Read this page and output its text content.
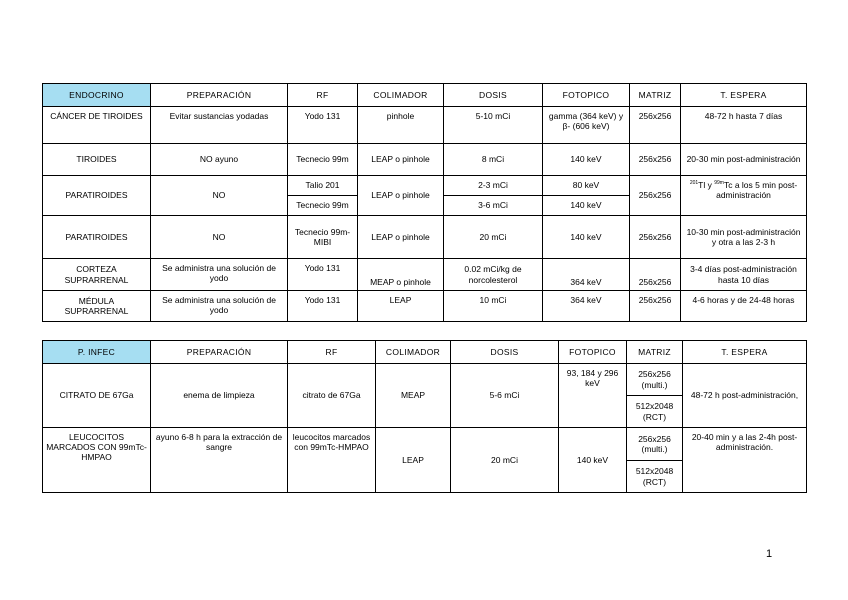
ENDOCRINO	PREPARACIÓN	RF	COLIMADOR	DOSIS	FOTOPICO	MATRIZ	T. ESPERA
CÁNCER DE TIROIDES	Evitar sustancias yodadas	Yodo 131	pinhole	5-10 mCi	gamma (364 keV) y β- (606 keV)	256x256	48-72 h hasta 7 días
TIROIDES	NO ayuno	Tecnecio 99m	LEAP o pinhole	8 mCi	140 keV	256x256	20-30 min post-administración
PARATIROIDES	NO	Talio 201	LEAP o pinhole	2-3 mCi	80 keV	256x256	$^{201}$Tl y $^{99m}$Tc a los 5 min post- administración
		Tecnecio 99m		3-6 mCi	140 keV		
PARATIROIDES	NO	Tecnecio 99m-MIBI	LEAP o pinhole	20 mCi	140 keV	256x256	10-30 min post-administración y otra a las 2-3 h
CORTEZA SUPRARRENAL	Se administra una solución de yodo	Yodo 131	MEAP o pinhole	0.02 mCi/kg de norcolesterol	364 keV	256x256	3-4 días post-administración hasta 10 días
MÉDULA SUPRARRENAL	Se administra una solución de yodo	Yodo 131	LEAP	10 mCi	364 keV	256x256	4-6 horas y de 24-48 horas
P. INFEC	PREPARACIÓN	RF	COLIMADOR	DOSIS	FOTOPICO	MATRIZ	T. ESPERA
CITRATO DE 67Ga	enema de limpieza	citrato de 67Ga	MEAP	5-6 mCi	93, 184 y 296 keV	256x256 (multi.)	48-72 h post-administración,
						512x2048 (RCT)	
LEUCOCITOS MARCADOS CON 99mTc-HMPAO	ayuno 6-8 h para la extracción de sangre	leucocitos marcados con 99mTc-HMPAO	LEAP	20 mCi	140 keV	256x256 (multi.)	20-40 min y a las 2-4h post-administración.
						512x2048 (RCT)	
1
